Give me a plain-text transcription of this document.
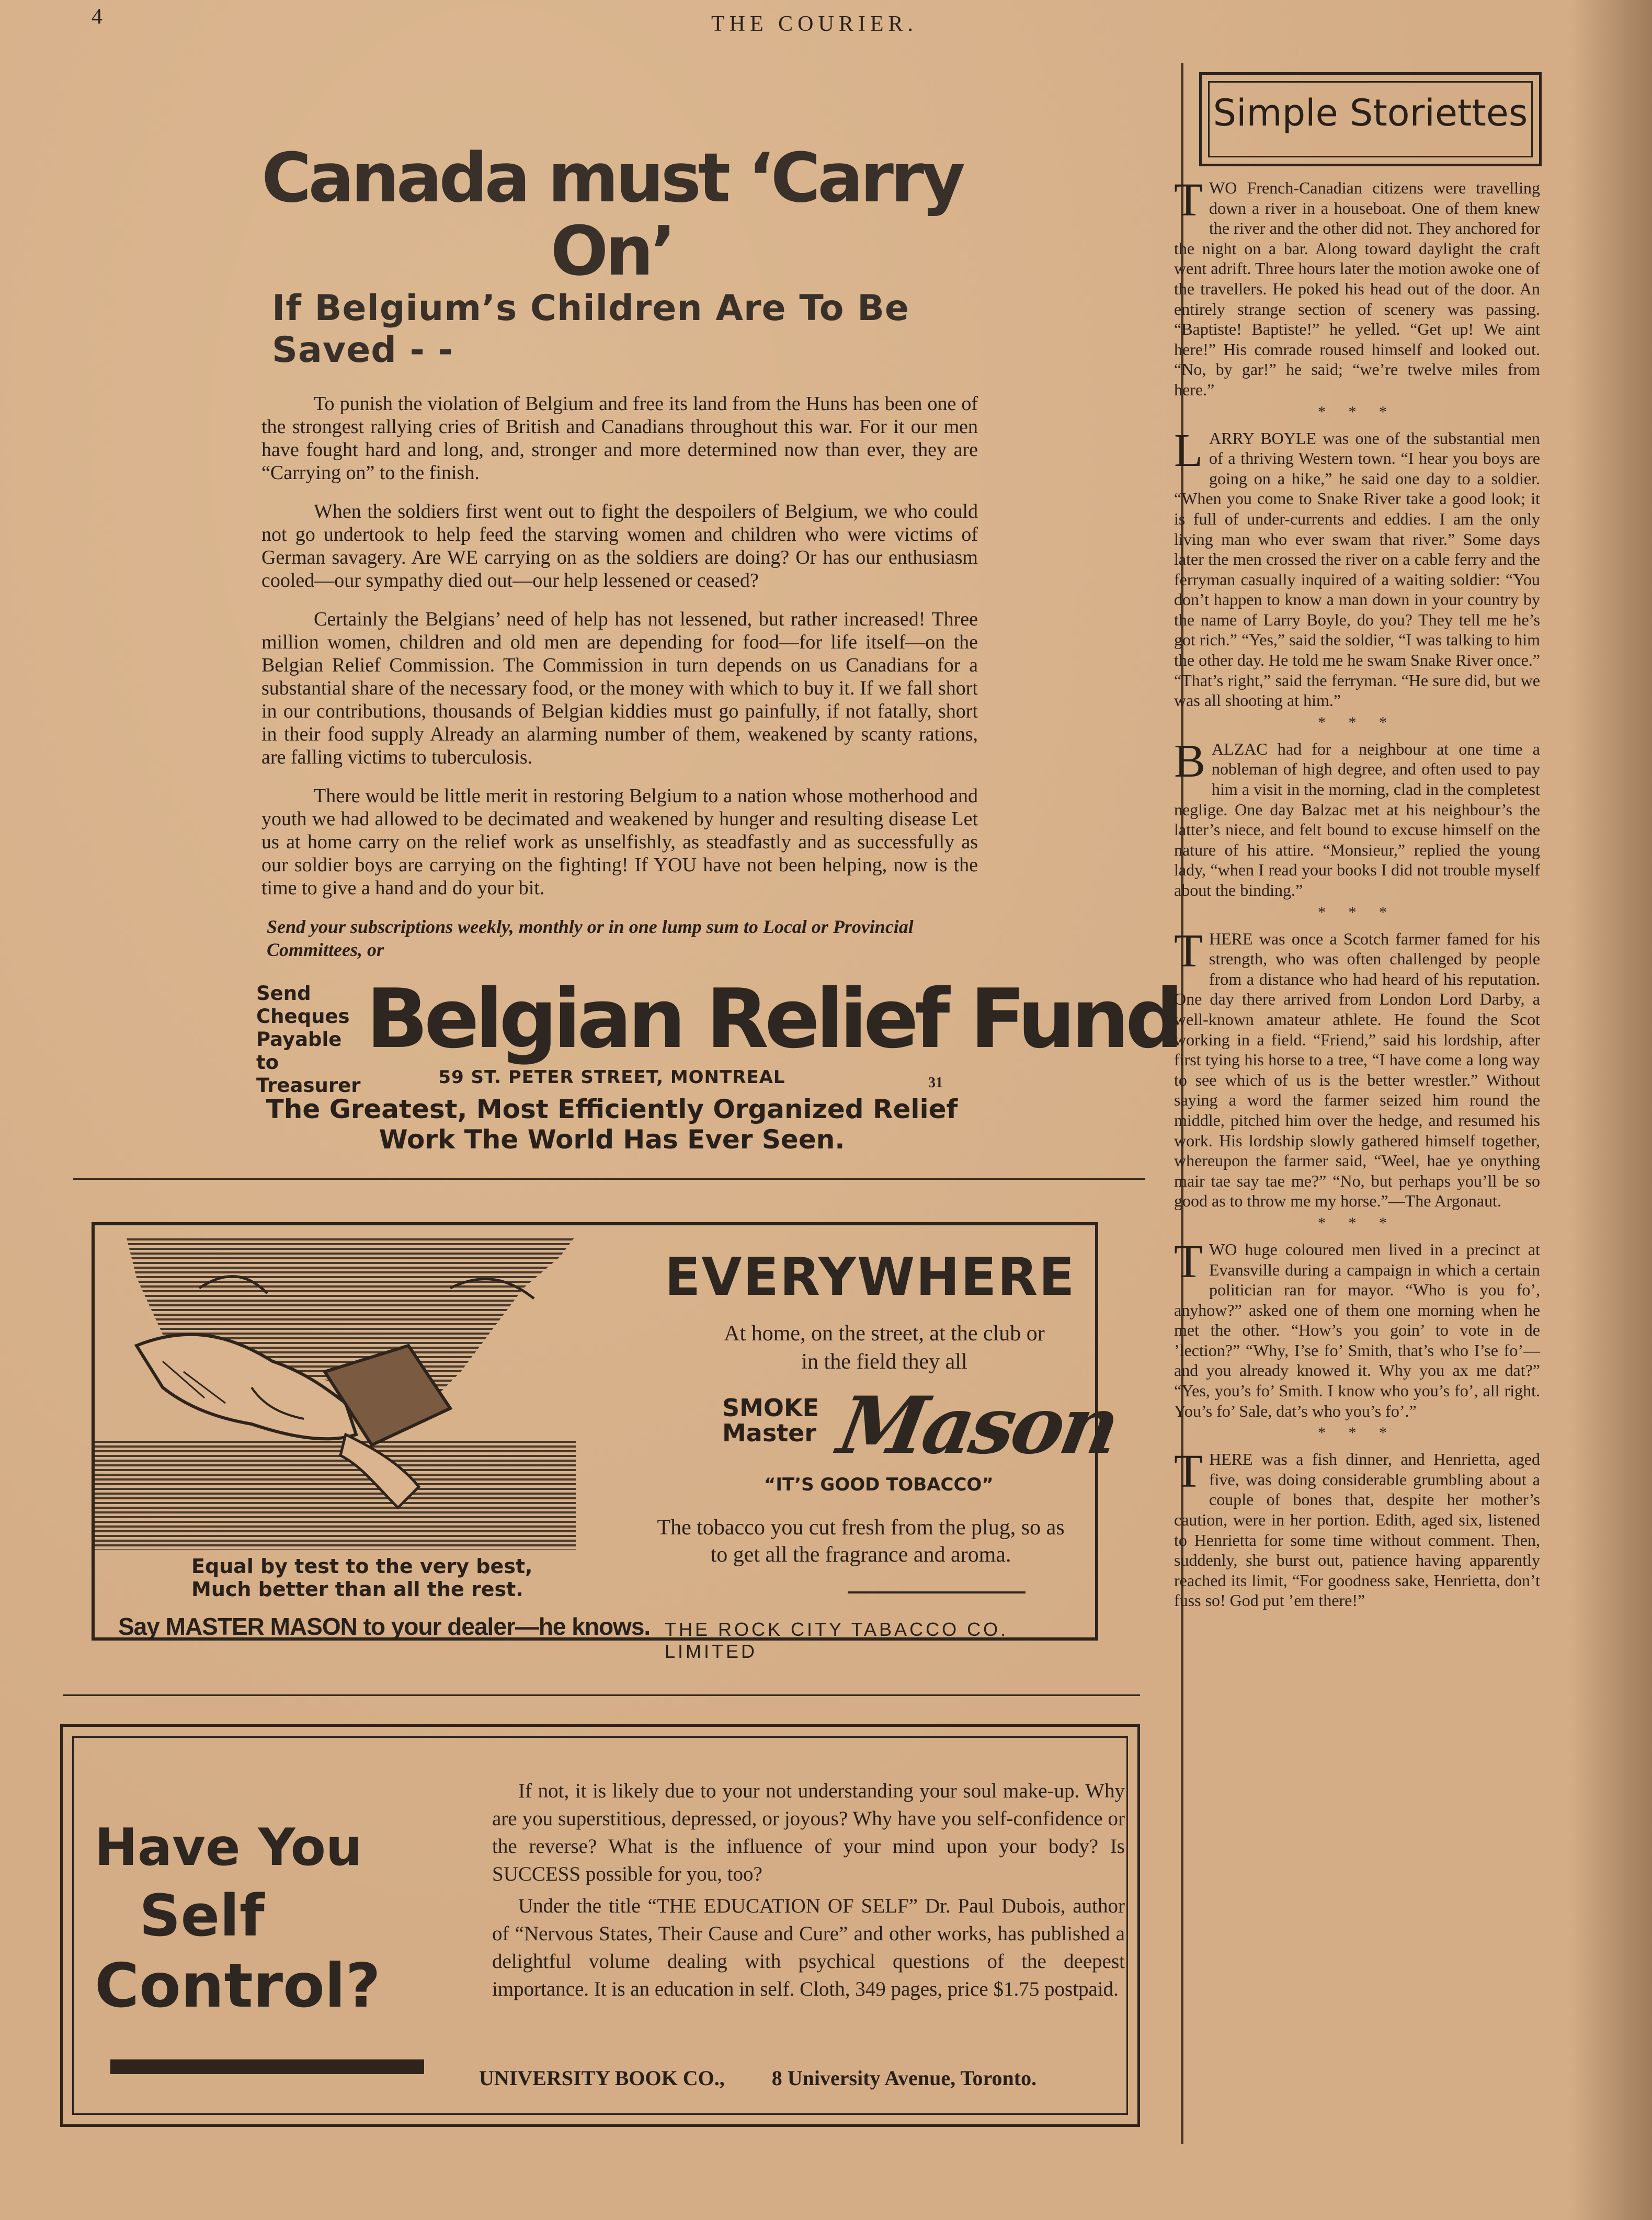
4	THE COURIER.
Canada must ‘Carry On’
If Belgium’s Children Are To Be Saved - -

To punish the violation of Belgium and free its land from the Huns has been one of the strongest rallying cries of British and Canadians throughout this war. For it our men have fought hard and long, and, stronger and more determined now than ever, they are “Carrying on” to the finish.

When the soldiers first went out to fight the despoilers of Belgium, we who could not go undertook to help feed the starving women and children who were victims of German savagery. Are WE carrying on as the soldiers are doing? Or has our enthusiasm cooled—our sympathy died out—our help lessened or ceased?

Certainly the Belgians’ need of help has not lessened, but rather increased! Three million women, children and old men are depending for food—for life itself—on the Belgian Relief Commission. The Commission in turn depends on us Canadians for a substantial share of the necessary food, or the money with which to buy it. If we fall short in our contributions, thousands of Belgian kiddies must go painfully, if not fatally, short in their food supply Already an alarming number of them, weakened by scanty rations, are falling victims to tuberculosis.

There would be little merit in restoring Belgium to a nation whose motherhood and youth we had allowed to be decimated and weakened by hunger and resulting disease Let us at home carry on the relief work as unselfishly, as steadfastly and as successfully as our soldier boys are carrying on the fighting! If YOU have not been helping, now is the time to give a hand and do your bit.

Send your subscriptions weekly, monthly or in one lump sum to Local or Provincial Committees, or
Send Cheques
Payable to
Treasurer
Belgian Relief Fund
59 ST. PETER STREET, MONTREAL
The Greatest, Most Efficiently Organized Relief
Work The World Has Ever Seen.
31
EVERYWHERE
At home, on the street, at the club or in the field they all
SMOKE
Master Mason
“IT’S GOOD TOBACCO”
The tobacco you cut fresh from the plug, so as to get all the fragrance and aroma.
Equal by test to the very best,
Much better than all the rest.
Say MASTER MASON to your dealer—he knows. THE ROCK CITY TABACCO CO. LIMITED
Have You
Self
Control?

If not, it is likely due to your not understanding your soul make-up. Why are you superstitious, depressed, or joyous? Why have you self-confidence or the reverse? What is the influence of your mind upon your body? Is SUCCESS possible for you, too?

Under the title “THE EDUCATION OF SELF” Dr. Paul Dubois, author of “Nervous States, Their Cause and Cure” and other works, has published a delightful volume dealing with psychical questions of the deepest importance. It is an education in self. Cloth, 349 pages, price $1.75 postpaid.

UNIVERSITY BOOK CO., 8 University Avenue, Toronto.
Simple Storiettes

TWO French-Canadian citizens were travelling down a river in a houseboat. One of them knew the river and the other did not. They anchored for the night on a bar. Along toward daylight the craft went adrift. Three hours later the motion awoke one of the travellers. He poked his head out of the door. An entirely strange section of scenery was passing. “Baptiste! Baptiste!” he yelled. “Get up! We aint here!” His comrade roused himself and looked out. “No, by gar!” he said; “we’re twelve miles from here.”

* * *

LARRY BOYLE was one of the substantial men of a thriving Western town. “I hear you boys are going on a hike,” he said one day to a soldier. “When you come to Snake River take a good look; it is full of under-currents and eddies. I am the only living man who ever swam that river.” Some days later the men crossed the river on a cable ferry and the ferryman casually inquired of a waiting soldier: “You don’t happen to know a man down in your country by the name of Larry Boyle, do you? They tell me he’s got rich.” “Yes,” said the soldier, “I was talking to him the other day. He told me he swam Snake River once.” “That’s right,” said the ferryman. “He sure did, but we was all shooting at him.”

* * *

BALZAC had for a neighbour at one time a nobleman of high degree, and often used to pay him a visit in the morning, clad in the completest neglige. One day Balzac met at his neighbour’s the latter’s niece, and felt bound to excuse himself on the nature of his attire. “Monsieur,” replied the young lady, “when I read your books I did not trouble myself about the binding.”

* * *

THERE was once a Scotch farmer famed for his strength, who was often challenged by people from a distance who had heard of his reputation. One day there arrived from London Lord Darby, a well-known amateur athlete. He found the Scot working in a field. “Friend,” said his lordship, after first tying his horse to a tree, “I have come a long way to see which of us is the better wrestler.” Without saying a word the farmer seized him round the middle, pitched him over the hedge, and resumed his work. His lordship slowly gathered himself together, whereupon the farmer said, “Weel, hae ye onything mair tae say tae me?” “No, but perhaps you’ll be so good as to throw me my horse.”—The Argonaut.

* * *

TWO huge coloured men lived in a precinct at Evansville during a campaign in which a certain politician ran for mayor. “Who is you fo’, anyhow?” asked one of them one morning when he met the other. “How’s you goin’ to vote in de ’lection?” “Why, I’se fo’ Smith, that’s who I’se fo’—and you already knowed it. Why you ax me dat?” “Yes, you’s fo’ Smith. I know who you’s fo’, all right. You’s fo’ Sale, dat’s who you’s fo’.”

* * *

THERE was a fish dinner, and Henrietta, aged five, was doing considerable grumbling about a couple of bones that, despite her mother’s caution, were in her portion. Edith, aged six, listened to Henrietta for some time without comment. Then, suddenly, she burst out, patience having apparently reached its limit, “For goodness sake, Henrietta, don’t fuss so! God put ’em there!”
